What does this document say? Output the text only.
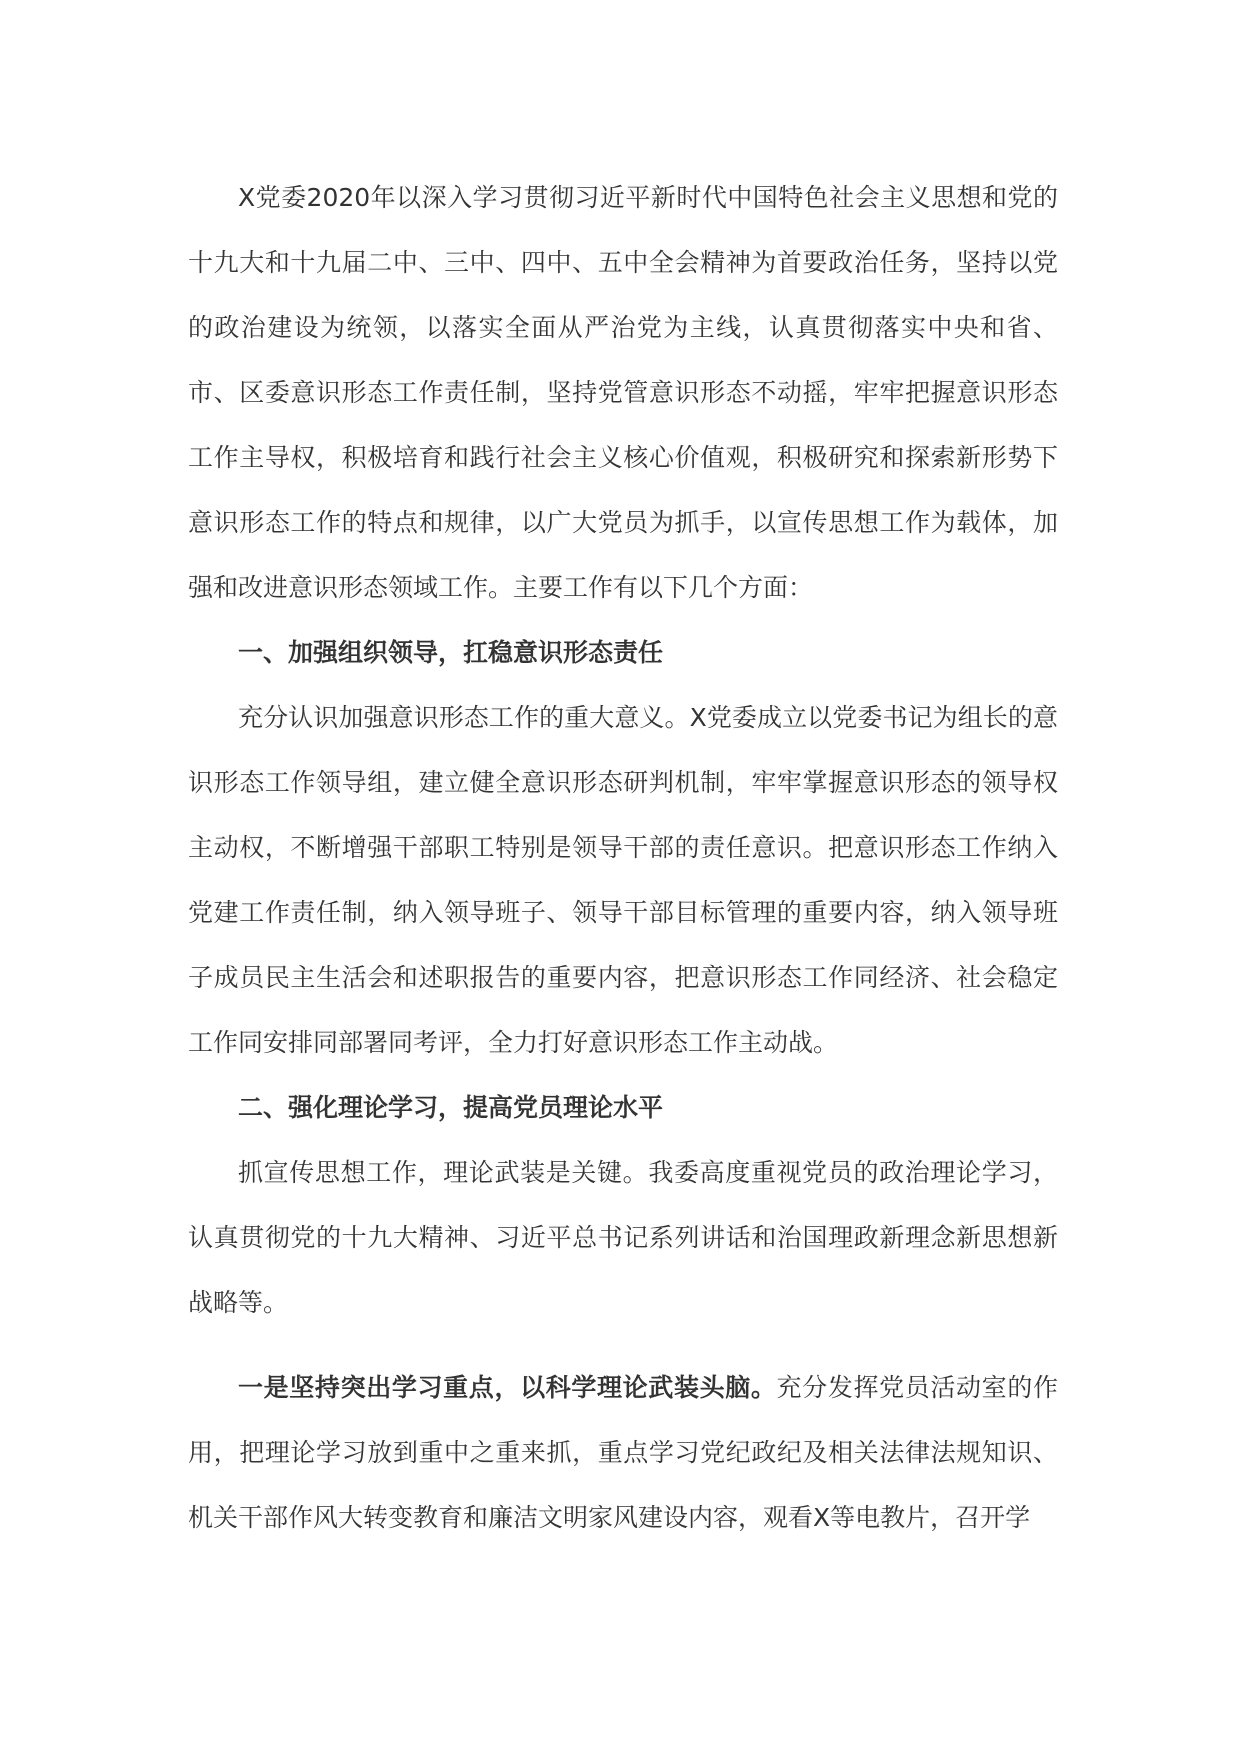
X党委2020年以深入学习贯彻习近平新时代中国特色社会主义思想和党的十九大和十九届二中、三中、四中、五中全会精神为首要政治任务，坚持以党的政治建设为统领，以落实全面从严治党为主线，认真贯彻落实中央和省、市、区委意识形态工作责任制，坚持党管意识形态不动摇，牢牢把握意识形态工作主导权，积极培育和践行社会主义核心价值观，积极研究和探索新形势下意识形态工作的特点和规律，以广大党员为抓手，以宣传思想工作为载体，加强和改进意识形态领域工作。主要工作有以下几个方面：

一、加强组织领导，扛稳意识形态责任

充分认识加强意识形态工作的重大意义。X党委成立以党委书记为组长的意识形态工作领导组，建立健全意识形态研判机制，牢牢掌握意识形态的领导权主动权，不断增强干部职工特别是领导干部的责任意识。把意识形态工作纳入党建工作责任制，纳入领导班子、领导干部目标管理的重要内容，纳入领导班子成员民主生活会和述职报告的重要内容，把意识形态工作同经济、社会稳定工作同安排同部署同考评，全力打好意识形态工作主动战。

二、强化理论学习，提高党员理论水平

抓宣传思想工作，理论武装是关键。我委高度重视党员的政治理论学习，认真贯彻党的十九大精神、习近平总书记系列讲话和治国理政新理念新思想新战略等。

一是坚持突出学习重点，以科学理论武装头脑。充分发挥党员活动室的作用，把理论学习放到重中之重来抓，重点学习党纪政纪及相关法律法规知识、机关干部作风大转变教育和廉洁文明家风建设内容，观看X等电教片，召开学
